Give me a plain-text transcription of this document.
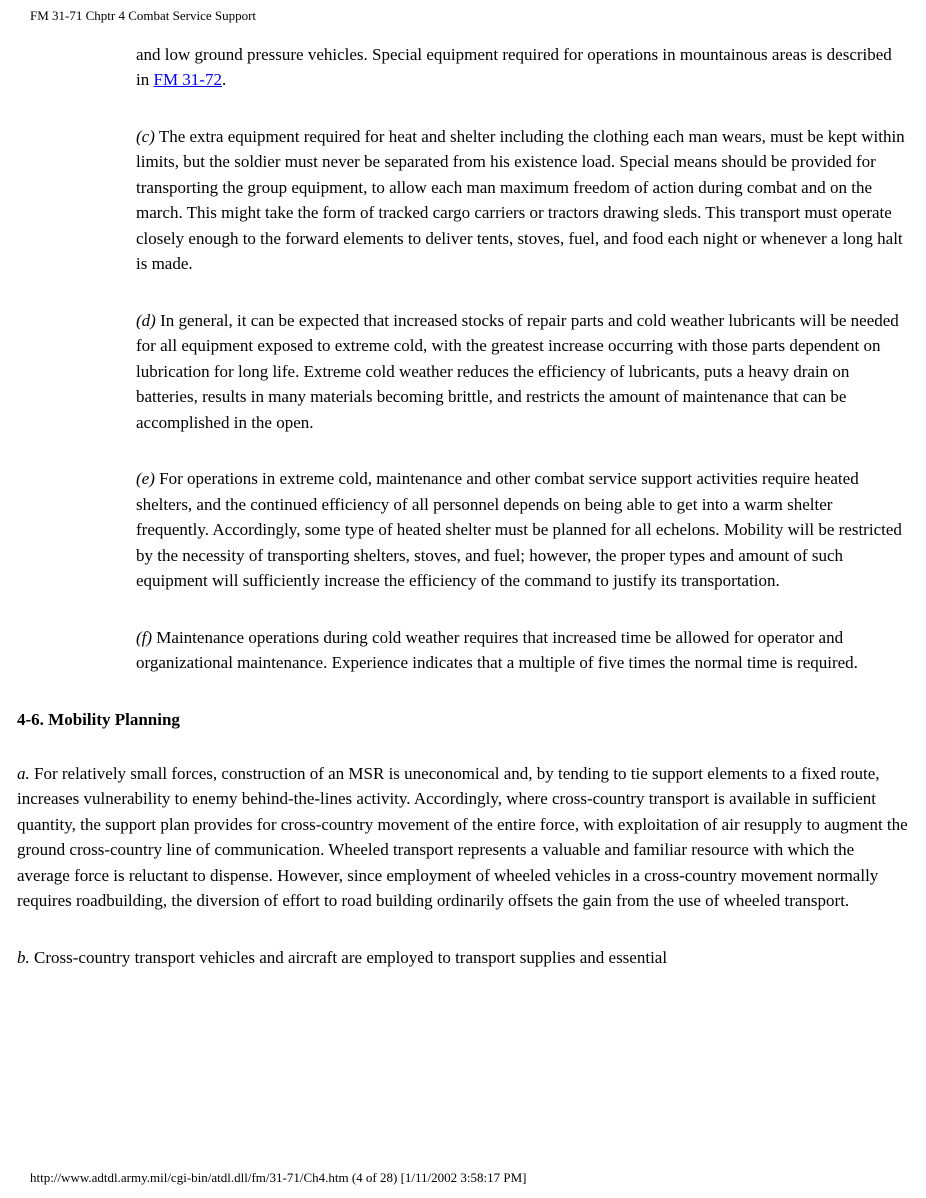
FM 31-71 Chptr 4 Combat Service Support

and low ground pressure vehicles. Special equipment required for operations in mountainous areas is described in FM 31-72.

(c) The extra equipment required for heat and shelter including the clothing each man wears, must be kept within limits, but the soldier must never be separated from his existence load. Special means should be provided for transporting the group equipment, to allow each man maximum freedom of action during combat and on the march. This might take the form of tracked cargo carriers or tractors drawing sleds. This transport must operate closely enough to the forward elements to deliver tents, stoves, fuel, and food each night or whenever a long halt is made.

(d) In general, it can be expected that increased stocks of repair parts and cold weather lubricants will be needed for all equipment exposed to extreme cold, with the greatest increase occurring with those parts dependent on lubrication for long life. Extreme cold weather reduces the efficiency of lubricants, puts a heavy drain on batteries, results in many materials becoming brittle, and restricts the amount of maintenance that can be accomplished in the open.

(e) For operations in extreme cold, maintenance and other combat service support activities require heated shelters, and the continued efficiency of all personnel depends on being able to get into a warm shelter frequently. Accordingly, some type of heated shelter must be planned for all echelons. Mobility will be restricted by the necessity of transporting shelters, stoves, and fuel; however, the proper types and amount of such equipment will sufficiently increase the efficiency of the command to justify its transportation.

(f) Maintenance operations during cold weather requires that increased time be allowed for operator and organizational maintenance. Experience indicates that a multiple of five times the normal time is required.

4-6. Mobility Planning

a. For relatively small forces, construction of an MSR is uneconomical and, by tending to tie support elements to a fixed route, increases vulnerability to enemy behind-the-lines activity. Accordingly, where cross-country transport is available in sufficient quantity, the support plan provides for cross-country movement of the entire force, with exploitation of air resupply to augment the ground cross-country line of communication. Wheeled transport represents a valuable and familiar resource with which the average force is reluctant to dispense. However, since employment of wheeled vehicles in a cross-country movement normally requires roadbuilding, the diversion of effort to road building ordinarily offsets the gain from the use of wheeled transport.

b. Cross-country transport vehicles and aircraft are employed to transport supplies and essential

http://www.adtdl.army.mil/cgi-bin/atdl.dll/fm/31-71/Ch4.htm (4 of 28) [1/11/2002 3:58:17 PM]
